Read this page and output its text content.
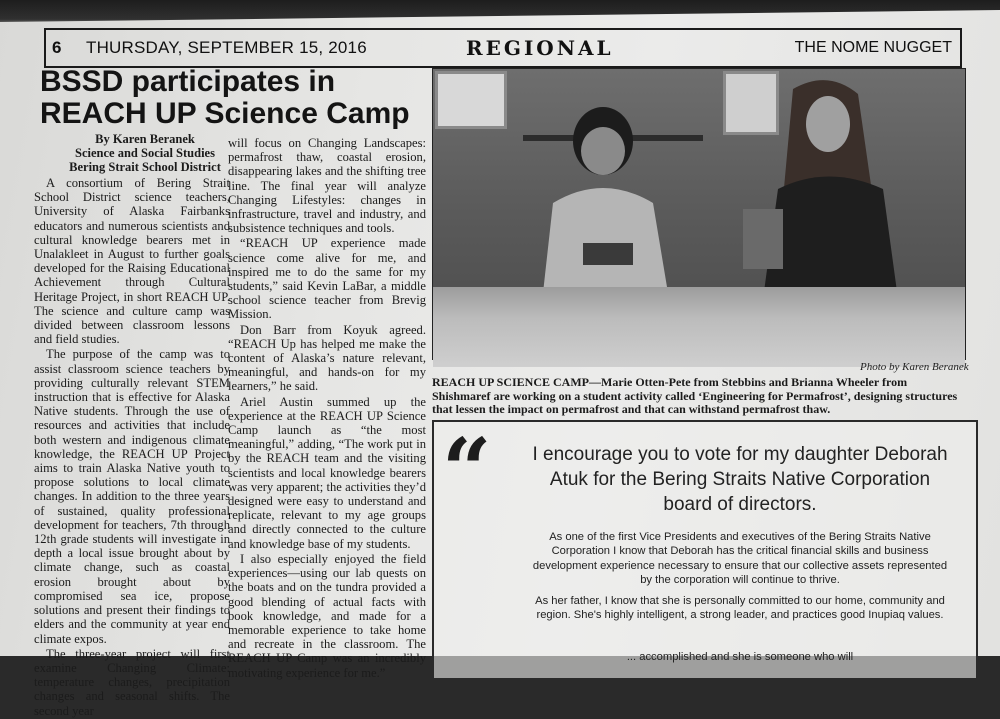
6	THURSDAY, SEPTEMBER 15, 2016	REGIONAL	THE NOME NUGGET
BSSD participates in REACH UP Science Camp
By Karen Beranek
Science and Social Studies
Bering Strait School District

A consortium of Bering Strait School District science teachers, University of Alaska Fairbanks educators and numerous scientists and cultural knowledge bearers met in Unalakleet in August to further goals developed for the Raising Educational Achievement through Cultural Heritage Project, in short REACH UP. The science and culture camp was divided between classroom lessons and field studies.

The purpose of the camp was to assist classroom science teachers by providing culturally relevant STEM instruction that is effective for Alaska Native students. Through the use of resources and activities that include both western and indigenous climate knowledge, the REACH UP Project aims to train Alaska Native youth to propose solutions to local climate changes. In addition to the three years of sustained, quality professional development for teachers, 7th through 12th grade students will investigate in depth a local issue brought about by climate change, such as coastal erosion brought about by compromised sea ice, propose solutions and present their findings to elders and the community at year end climate expos.

The three-year project will first examine Changing Climate: temperature changes, precipitation changes and seasonal shifts. The second year

will focus on Changing Landscapes: permafrost thaw, coastal erosion, disappearing lakes and the shifting tree line. The final year will analyze Changing Lifestyles: changes in infrastructure, travel and industry, and subsistence techniques and tools.

“REACH UP experience made science come alive for me, and inspired me to do the same for my students,” said Kevin LaBar, a middle school science teacher from Brevig Mission.

Don Barr from Koyuk agreed. “REACH Up has helped me make the content of Alaska’s nature relevant, meaningful, and hands-on for my learners,” he said.

Ariel Austin summed up the experience at the REACH UP Science Camp launch as “the most meaningful,” adding, “The work put in by the REACH team and the visiting scientists and local knowledge bearers was very apparent; the activities they’d designed were easy to understand and replicate, relevant to my age groups and directly connected to the culture and knowledge base of my students.

I also especially enjoyed the field experiences—using our lab quests on the boats and on the tundra provided a good blending of actual facts with book knowledge, and made for a memorable experience to take home and recreate in the classroom. The REACH UP Camp was an incredibly motivating experience for me.”

Photo by Karen Beranek
REACH UP SCIENCE CAMP—Marie Otten-Pete from Stebbins and Brianna Wheeler from Shishmaref are working on a student activity called ‘Engineering for Permafrost’, designing structures that lessen the impact on permafrost and that can withstand permafrost thaw.
“ I encourage you to vote for my daughter Deborah Atuk for the Bering Straits Native Corporation board of directors.
As one of the first Vice Presidents and executives of the Bering Straits Native Corporation I know that Deborah has the critical financial skills and business development experience necessary to ensure that our collective assets represented by the corporation will continue to thrive.
As her father, I know that she is personally committed to our home, community and region. She's highly intelligent, a strong leader, and practices good Inupiaq values.
... accomplished and she is someone who will
